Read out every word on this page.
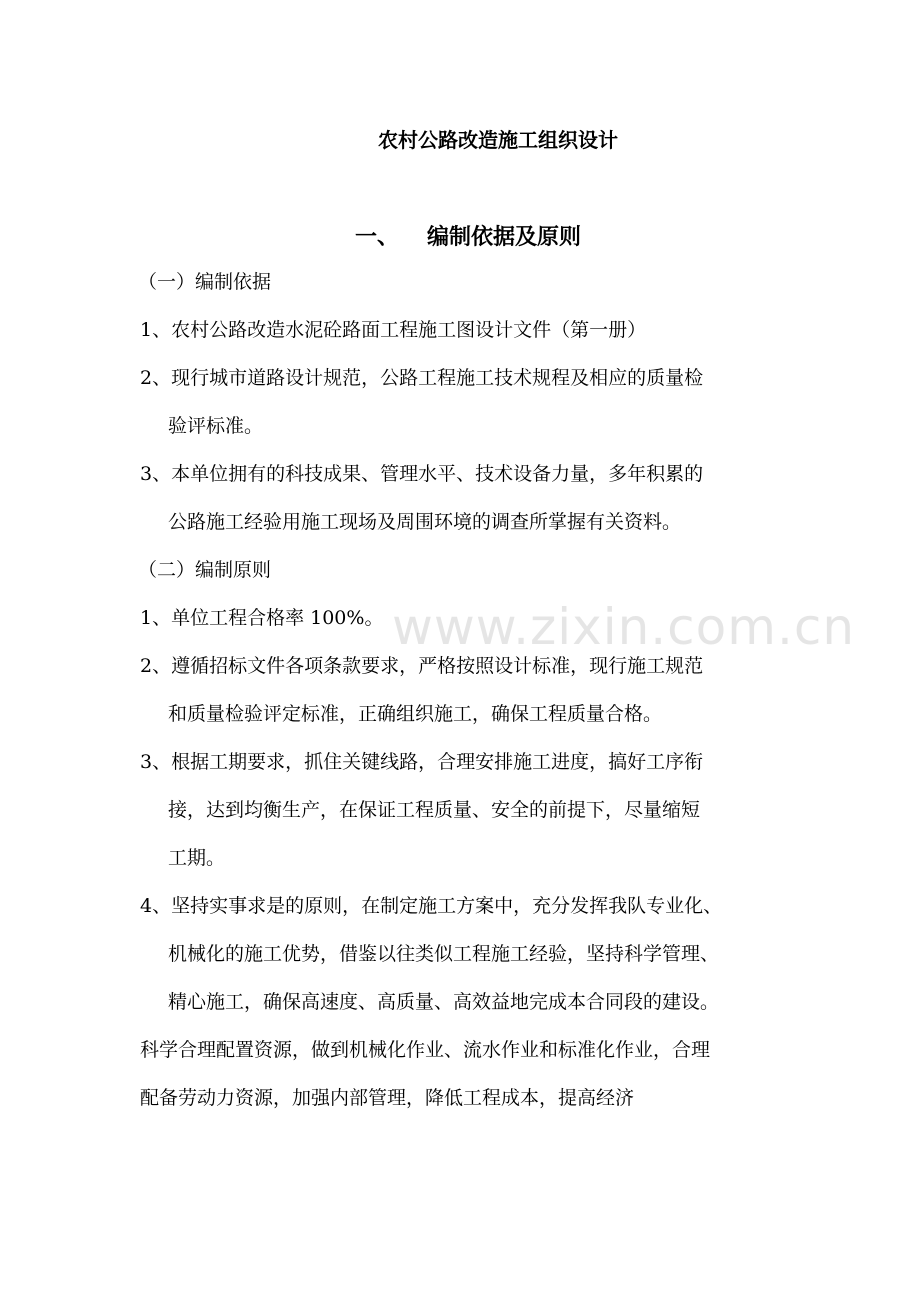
农村公路改造施工组织设计
一、 编制依据及原则
（一）编制依据
1、农村公路改造水泥砼路面工程施工图设计文件（第一册）
2、现行城市道路设计规范，公路工程施工技术规程及相应的质量检
验评标准。
3、本单位拥有的科技成果、管理水平、技术设备力量，多年积累的
公路施工经验用施工现场及周围环境的调查所掌握有关资料。
（二）编制原则
1、单位工程合格率 100%。
2、遵循招标文件各项条款要求，严格按照设计标准，现行施工规范
和质量检验评定标准，正确组织施工，确保工程质量合格。
3、根据工期要求，抓住关键线路，合理安排施工进度，搞好工序衔
接，达到均衡生产，在保证工程质量、安全的前提下，尽量缩短
工期。
4、坚持实事求是的原则，在制定施工方案中，充分发挥我队专业化、
机械化的施工优势，借鉴以往类似工程施工经验，坚持科学管理、
精心施工，确保高速度、高质量、高效益地完成本合同段的建设。
科学合理配置资源，做到机械化作业、流水作业和标准化作业，合理
配备劳动力资源，加强内部管理，降低工程成本，提高经济
www.zixin.com.cn
